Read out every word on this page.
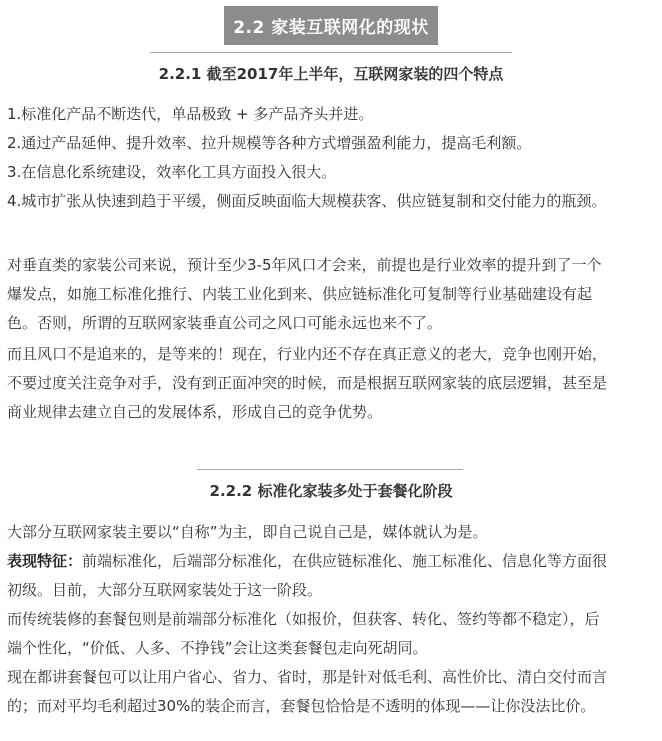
2.2 家装互联网化的现状
2.2.1 截至2017年上半年，互联网家装的四个特点
1.标准化产品不断迭代，单品极致 + 多产品齐头并进。
2.通过产品延伸、提升效率、拉升规模等各种方式增强盈利能力，提高毛利额。
3.在信息化系统建设，效率化工具方面投入很大。
4.城市扩张从快速到趋于平缓，侧面反映面临大规模获客、供应链复制和交付能力的瓶颈。
对垂直类的家装公司来说，预计至少3-5年风口才会来，前提也是行业效率的提升到了一个
爆发点，如施工标准化推行、内装工业化到来、供应链标准化可复制等行业基础建设有起
色。否则，所谓的互联网家装垂直公司之风口可能永远也来不了。
而且风口不是追来的，是等来的！现在，行业内还不存在真正意义的老大，竞争也刚开始，
不要过度关注竞争对手，没有到正面冲突的时候，而是根据互联网家装的底层逻辑，甚至是
商业规律去建立自己的发展体系，形成自己的竞争优势。
2.2.2 标准化家装多处于套餐化阶段
大部分互联网家装主要以“自称”为主，即自己说自己是，媒体就认为是。
表现特征：前端标准化，后端部分标准化，在供应链标准化、施工标准化、信息化等方面很
初级。目前，大部分互联网家装处于这一阶段。
而传统装修的套餐包则是前端部分标准化（如报价，但获客、转化、签约等都不稳定），后
端个性化，“价低、人多、不挣钱”会让这类套餐包走向死胡同。
现在都讲套餐包可以让用户省心、省力、省时，那是针对低毛利、高性价比、清白交付而言
的；而对平均毛利超过30%的装企而言，套餐包恰恰是不透明的体现——让你没法比价。
